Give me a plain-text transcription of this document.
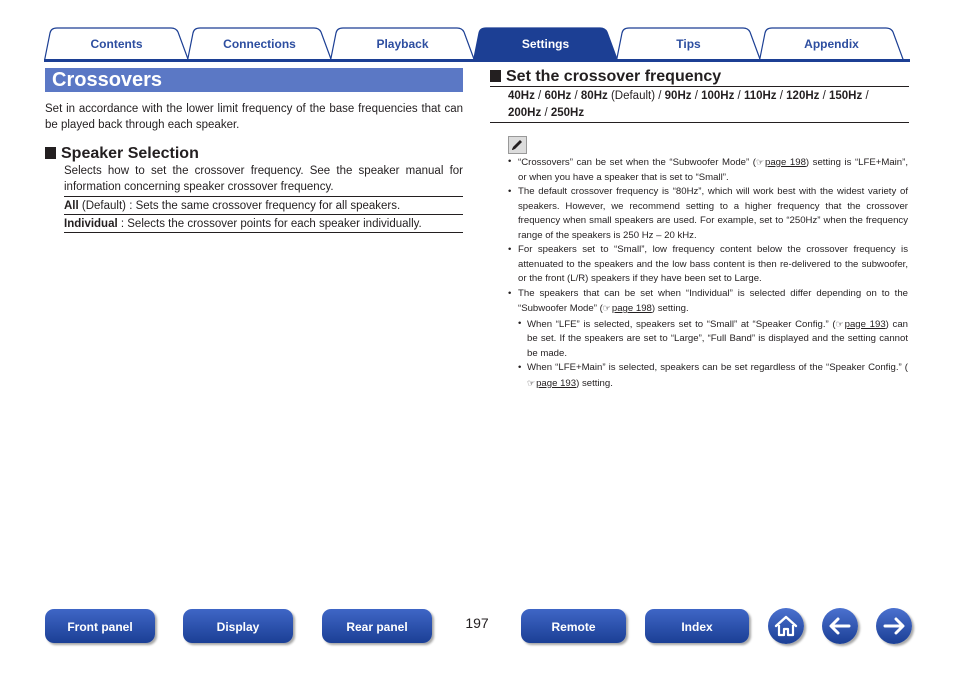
Contents	Connections	Playback	Tips	Appendix
Settings
Crossovers

Set in accordance with the lower limit frequency of the base frequencies that can be played back through each speaker.

Speaker Selection

Selects how to set the crossover frequency. See the speaker manual for information concerning speaker crossover frequency.

All (Default) : Sets the same crossover frequency for all speakers.
Individual : Selects the crossover points for each speaker individually.
Set the crossover frequency

40Hz / 60Hz / 80Hz (Default) / 90Hz / 100Hz / 110Hz / 120Hz / 150Hz /
200Hz / 250Hz

• “Crossovers” can be set when the “Subwoofer Mode” (☞page 198) setting is “LFE+Main”, or when you have a speaker that is set to “Small”.
• The default crossover frequency is “80Hz”, which will work best with the widest variety of speakers. However, we recommend setting to a higher frequency that the crossover frequency when small speakers are used. For example, set to “250Hz” when the frequency range of the speakers is 250 Hz – 20 kHz.
• For speakers set to “Small”, low frequency content below the crossover frequency is attenuated to the speakers and the low bass content is then re-delivered to the subwoofer, or the front (L/R) speakers if they have been set to Large.
• The speakers that can be set when “Individual” is selected differ depending on to the “Subwoofer Mode” (☞page 198) setting.
• When “LFE” is selected, speakers set to “Small” at “Speaker Config.” (☞page 193) can be set. If the speakers are set to “Large”, “Full Band” is displayed and the setting cannot be made.
• When “LFE+Main” is selected, speakers can be set regardless of the “Speaker Config.” (☞page 193) setting.
Front panel	Display	Rear panel	197	Remote	Index
